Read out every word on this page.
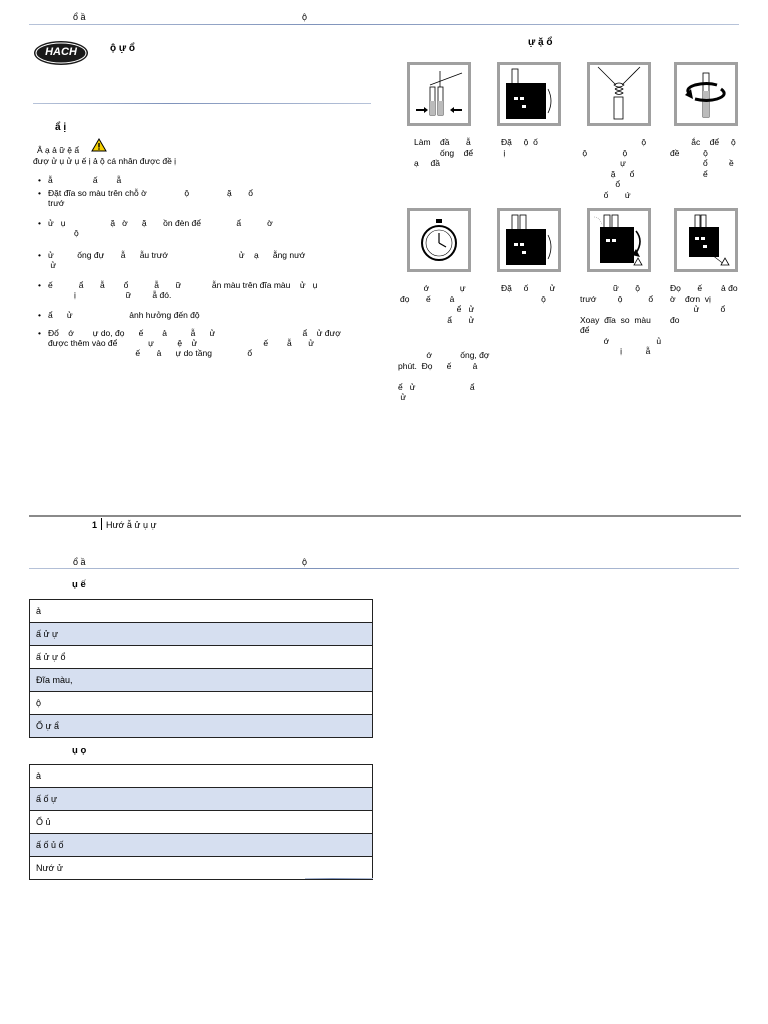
ổ ầ	ộ
HACH	ộ ự ổ
ự ặ ổ
ẩ ị
Â ạ ả ữ ệ ẩ
đượ ử ụ ử ụ ế ị ả ộ cá nhân được đề ị
• ẫ                 ấ        ẫ
• Đặt đĩa so màu trên chỗ ờ                ộ                ặ       ổ
trướ
• ử   ụ                   ặ   ờ      ặ       ồn đèn để               ẩ           ờ
ộ
• ử          ống đự       ẫ      ẫu trướ                              ử    ạ      ẵng nướ
ử
• ế           ẩ       ẫ        ổ           ẫ       ữ             ẫn màu trên đĩa màu    ử   ụ
ị                     ữ         ẫ đó.
• ẩ      ử                        ảnh hưởng đến độ
• Đổ    ớ        ự do, đọ      ế        ả          ẫ      ử                                     ẩ    ử đượ
được thêm vào để             ự          ệ    ử                            ế        ẫ       ử
ế       ả      ự do tầng               ổ
Làm    đầ       ẫ
ống    để
ạ     đầ
Đặ     ộ  ố
ị
ộ
ộ               ộ
ự
ặ      ổ
ổ
ố       ứ
ắc    để     ộ
đề          ộ
ổ         ề
ể
ớ             ự
đọ       ế        ả
ể   ử
ẩ       ử
Đặ     ố         ử
ộ
ữ       ộ
trướ         ộ           ổ

Xoay  đĩa  so  màu
để
ớ                    ủ
ị          ẫ
Đọ       ế        ả đo
ờ    đơn  vị
ử         ổ
đo
ớ            ống, đợ
phút.  Đọ      ế         ả

ể   ử                       ẩ
ử
1 Hướ ẫ ử ụ ự
ổ ầ	ộ
ụ ế
ả
ấ ử ự
ấ ử ự ổ
Đĩa màu,
ộ
Ổ ự ẩ
ụ ọ
ả
ấ ố ự
Ổ ủ
ấ ố ủ ố
Nướ ử
